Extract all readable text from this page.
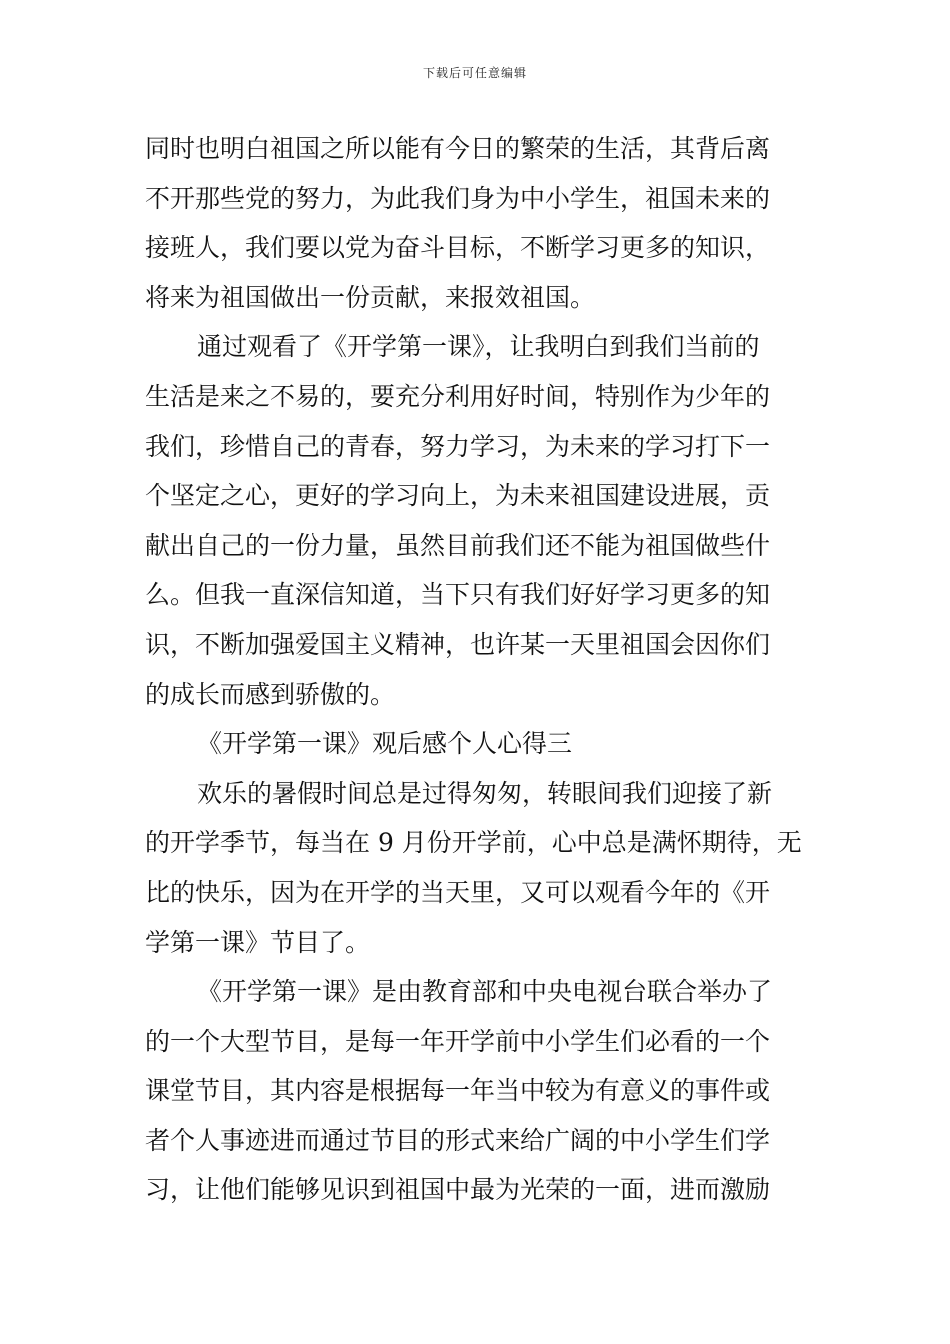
下载后可任意编辑
同时也明白祖国之所以能有今日的繁荣的生活，其背后离
不开那些党的努力，为此我们身为中小学生，祖国未来的
接班人，我们要以党为奋斗目标，不断学习更多的知识，
将来为祖国做出一份贡献，来报效祖国。
通过观看了《开学第一课》，让我明白到我们当前的
生活是来之不易的，要充分利用好时间，特别作为少年的
我们，珍惜自己的青春，努力学习，为未来的学习打下一
个坚定之心，更好的学习向上，为未来祖国建设进展，贡
献出自己的一份力量，虽然目前我们还不能为祖国做些什
么。但我一直深信知道，当下只有我们好好学习更多的知
识，不断加强爱国主义精神，也许某一天里祖国会因你们
的成长而感到骄傲的。
《开学第一课》观后感个人心得三
欢乐的暑假时间总是过得匆匆，转眼间我们迎接了新
的开学季节，每当在 9 月份开学前，心中总是满怀期待，无
比的快乐，因为在开学的当天里，又可以观看今年的《开
学第一课》节目了。
《开学第一课》是由教育部和中央电视台联合举办了
的一个大型节目，是每一年开学前中小学生们必看的一个
课堂节目，其内容是根据每一年当中较为有意义的事件或
者个人事迹进而通过节目的形式来给广阔的中小学生们学
习，让他们能够见识到祖国中最为光荣的一面，进而激励
